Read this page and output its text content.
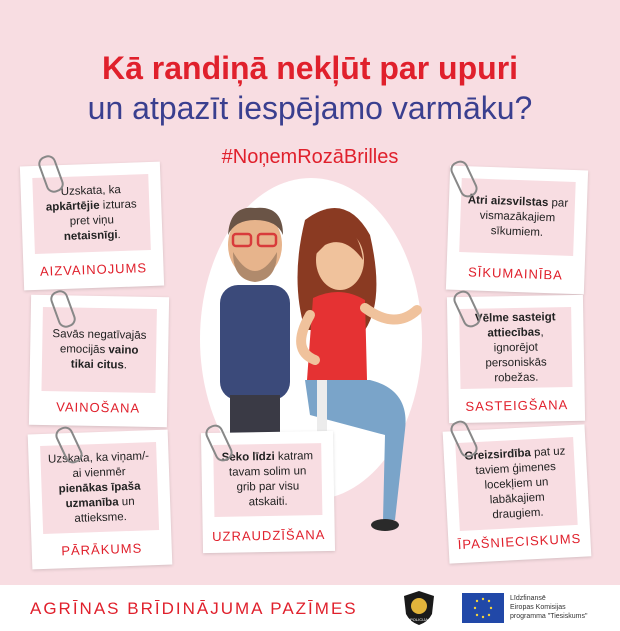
Kā randiņā nekļūt par upuri
un atpazīt iespējamo varmāku?
#NoņemRozāBrilles
Uzskata, ka apkārtējie izturas pret viņu netaisnīgi.
AIZVAINOJUMS
Savās negatīvajās emocijās vaino tikai citus.
VAINOŠANA
Uzskata, ka viņam/-ai vienmēr pienākas īpaša uzmanība un attieksme.
PĀRĀKUMS
Seko līdzi katram tavam solim un grib par visu atskaiti.
UZRAUDZĪŠANA
Ātri aizsvilstas par vismazākajiem sīkumiem.
SĪKUMAINĪBA
Vēlme sasteigt attiecības, ignorējot personiskās robežas.
SASTEIGŠANA
Greizsirdība pat uz taviem ģimenes locekļiem un labākajiem draugiem.
ĪPAŠNIECISKUMS
AGRĪNAS BRĪDINĀJUMA PAZĪMES
POLICIJA
Līdzfinansē
Eiropas Komisijas
programma "Tiesiskums"
